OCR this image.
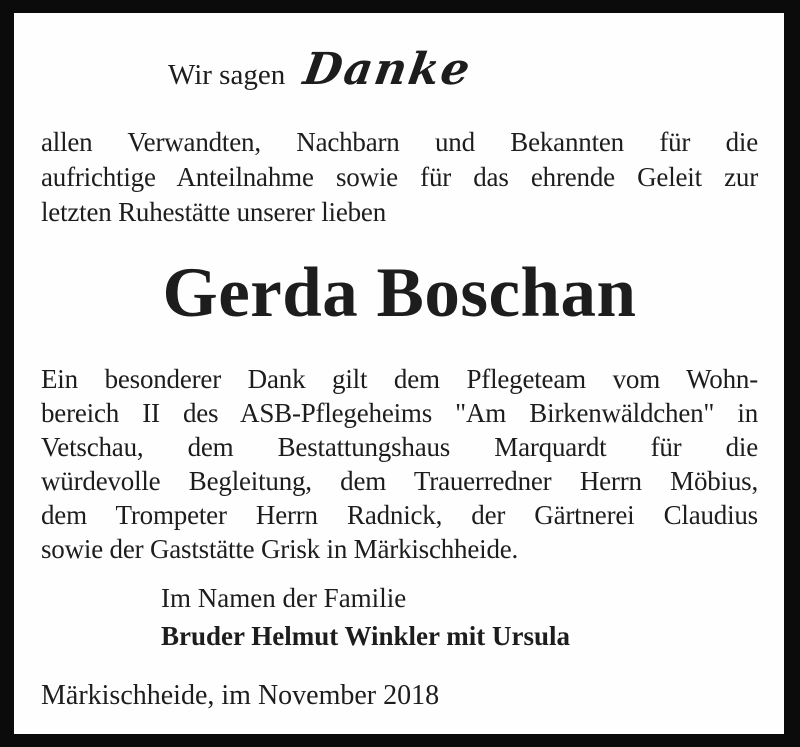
Wir sagen Danke
allen Verwandten, Nachbarn und Bekannten für die
aufrichtige Anteilnahme sowie für das ehrende Geleit zur
letzten Ruhestätte unserer lieben
Gerda Boschan
Ein besonderer Dank gilt dem Pflegeteam vom Wohn-
bereich II des ASB-Pflegeheims "Am Birkenwäldchen" in
Vetschau, dem Bestattungshaus Marquardt für die
würdevolle Begleitung, dem Trauerredner Herrn Möbius,
dem Trompeter Herrn Radnick, der Gärtnerei Claudius
sowie der Gaststätte Grisk in Märkischheide.
Im Namen der Familie
Bruder Helmut Winkler mit Ursula
Märkischheide, im November 2018
